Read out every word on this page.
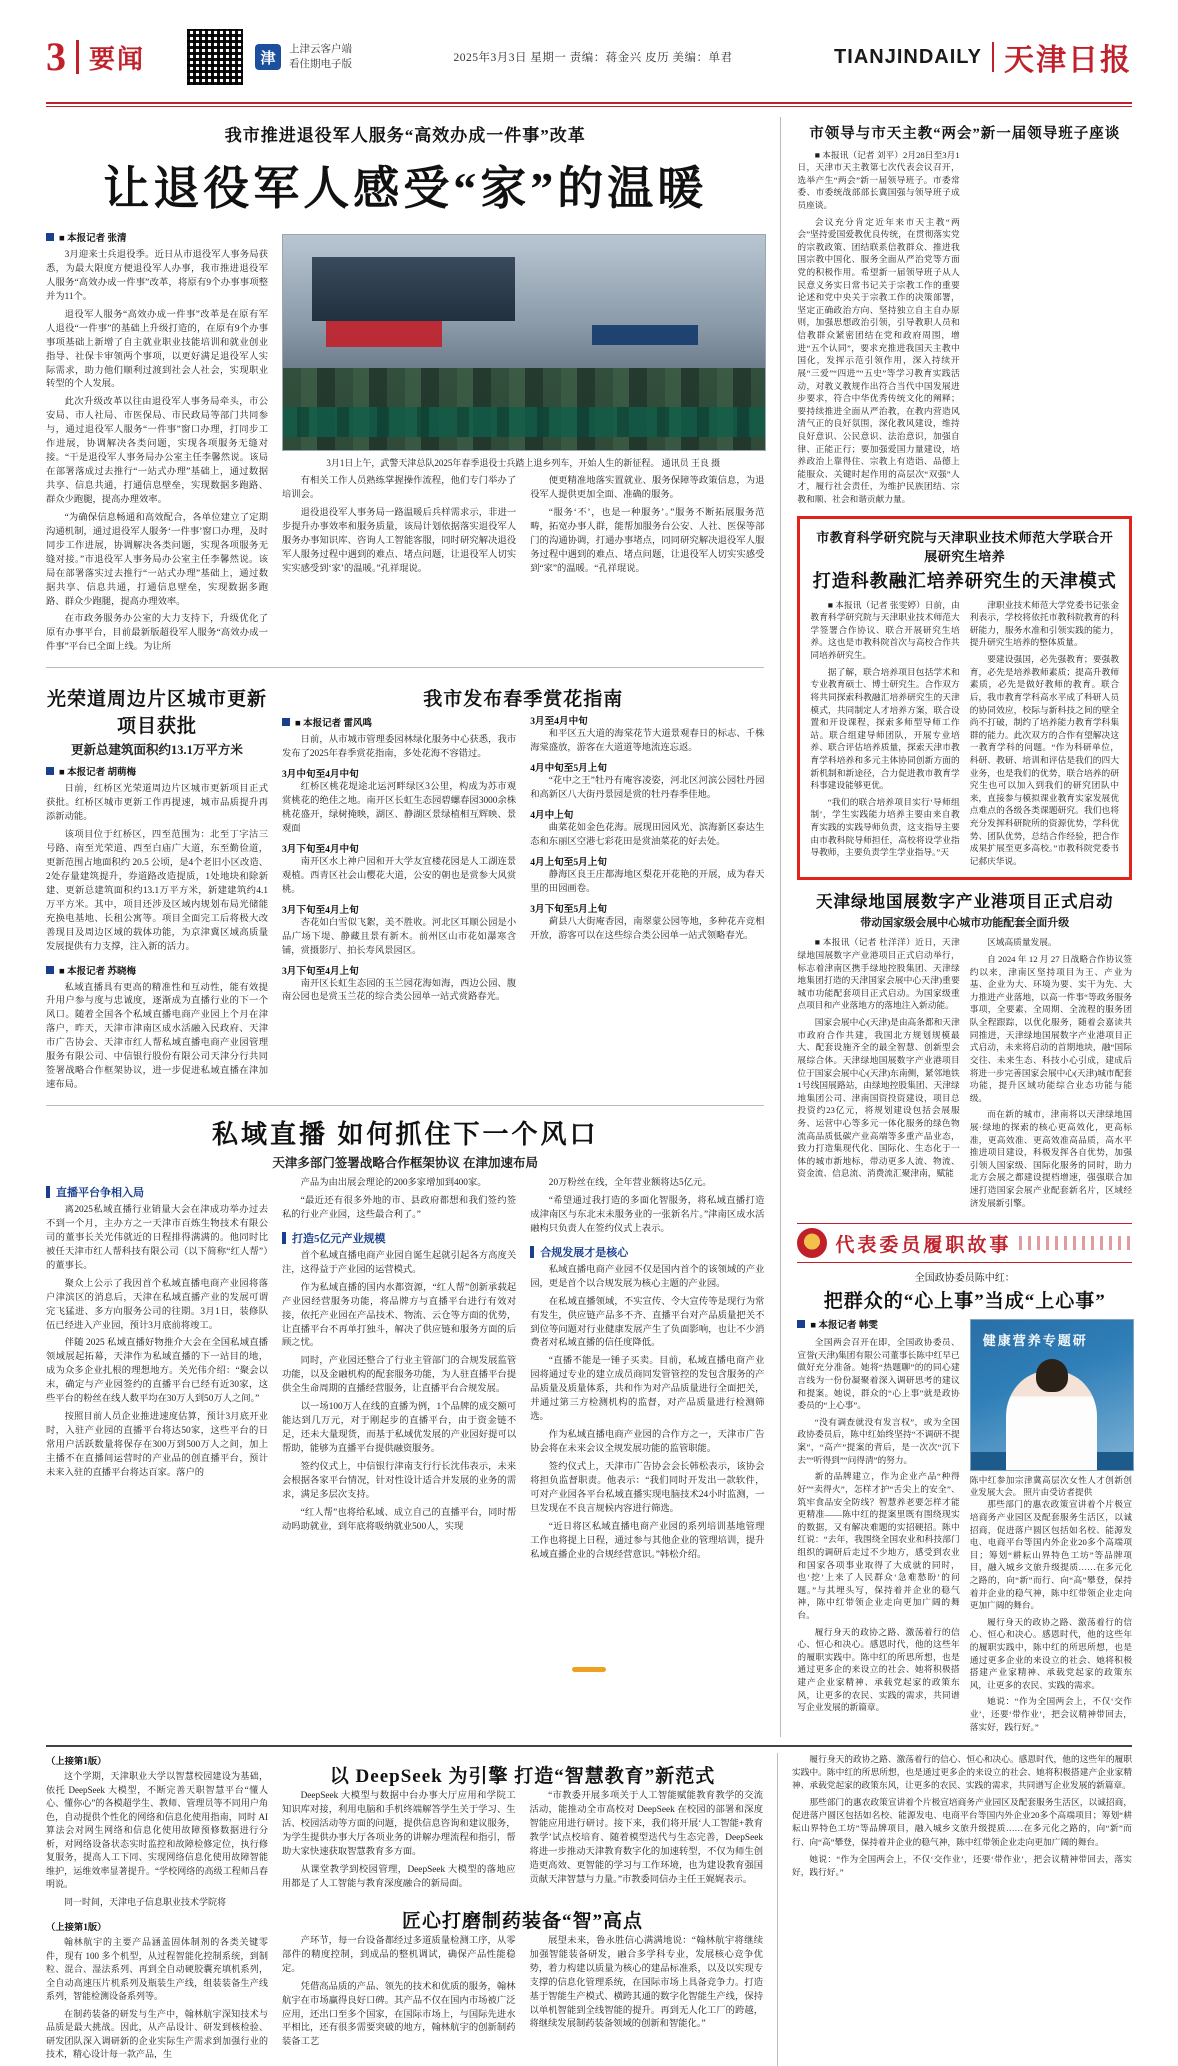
3 要闻	津
上津云客户端
看住期电子版
2025年3月3日 星期一 责编：蒋金兴 皮历 美编：单君	TIANJINDAILY 天津日报
我市推进退役军人服务“高效办成一件事”改革
让退役军人感受“家”的温暖
■ 本报记者 张清

3月迎来士兵退役季。近日从市退役军人事务局获悉，为最大限度方便退役军人办事，我市推进退役军人服务“高效办成一件事”改革，将原有9个办事事项整并为11个。

退役军人服务“高效办成一件事”改革是在原有军人退役“一件事”的基础上升级打造的，在原有9个办事事项基础上新增了自主就业职业技能培训和就业创业指导、社保卡审领两个事项，以更好满足退役军人实际需求，助力他们顺利过渡到社会人社会，实现职业转型的个人发展。

此次升级改革以往由退役军人事务局牵头，市公安局、市人社局、市医保局、市民政局等部门共同参与，通过退役军人服务“一件事”窗口办理，打同步工作进展，协调解决各类问题，实现各项服务无缝对接。“干是退役军人事务局办公室主任李馨然说。该局在部署落成过去推行“一站式办理”基础上，通过数据共享、信息共通，打通信息壁垒，实现数据多跑路、群众少跑腿，提高办理效率。

“为确保信息畅通和高效配合，各单位建立了定期沟通机制，通过退役军人服务‘一件事’窗口办理，及时同步工作进展，协调解决各类问题，实现各项服务无缝对接。”市退役军人事务局办公室主任李馨然说。该局在部署落实过去推行“一站式办理”基础上，通过数据共享、信息共通，打通信息壁垒，实现数据多跑路、群众少跑腿，提高办理效率。

在市政务服务办公室的大力支持下，升级优化了原有办事平台，目前最新版超役军人服务“高效办成一件事”平台已全面上线。为让所

3月1日上午，武警天津总队2025年春季退役士兵踏上退乡列车，开始人生的新征程。 通讯员 王良 摄

有相关工作人员熟练掌握操作流程，他们专门举办了培训会。

退役退役军人事务局一路温暖后兵样需求示，非进一步提升办事效率和服务质量，该局计划依据落实退役军人服务办事知识库、咨询人工智能客服，同时研究解决退役军人服务过程中遇到的难点、堵点问题，让退役军人切实实实感受到‘家’的温暖。”孔祥琨说。

便更精准地落实置就业、服务保障等政策信息，为退役军人提供更加全面、准确的服务。

“服务‘不’，也是一种服务’。”服务不断拓展服务范畴，拓宽办事人群，能帮加服务台公安、人社、医保等部门的沟通协调，打通办事堵点，同同研究解决退役军人服务过程中遇到的难点、堵点问题，让退役军人切实实感受到“家”的温暖。“孔祥琨说。

光荣道周边片区城市更新项目获批
更新总建筑面积约13.1万平方米
■ 本报记者 胡萌梅

日前，红桥区光荣道周边片区城市更新项目正式获批。红桥区城市更新工作再提速，城市品质提升再添新动能。

该项目位于红桥区，四至范围为：北至丁字沽三号路、南至光荣道、西至白庙广大道，东至勤俭道，更新范围占地面积约 20.5 公顷，是4个老旧小区改造、2处存量建筑提升，券道路改造提质，1处地块和除新建、更新总建筑面积约13.1万平方米，新建建筑约4.1万平方米。其中，项目还涉及区域内规划布局光储能充换电基地、长租公寓等。项目全面完工后将极大改善现目及周边区域的载体功能，为京津冀区域高质量发展提供有力支撑，注入新的活力。

■ 本报记者 苏晓梅

私域直播具有更高的精准性和互动性，能有效提升用户参与度与忠诚度，逐渐成为直播行业的下一个风口。随着全国各个私域直播电商产业园上个月在津落户，昨天，天津市津南区成水活融入民政府、天津市广告协会、天津市红人帮私域直播电商产业园管理服务有限公司、中信银行股份有限公司天津分行共同签署战略合作框架协议，进一步促进私域直播在津加速布局。

我市发布春季赏花指南
■ 本报记者 雷风鸣

日前，从市城市管理委园林绿化服务中心获悉，我市发布了2025年春季赏花指南，多处花海不容错过。

3月中旬至4月中旬

红桥区桃花堤途北运河畔绿区3公里，构成为苏市观赏桃花的绝佳之地。南开区长虹生态园碧螺春园3000余株桃花盛开，绿树掩映，湖区、静湖区景绿植相互辉映、景观面

3月下旬至4月中旬

南开区水上神户园和开大学友宜楼花园是人工湖连景观植。西青区社会山樱花大道，公安的朝也是赏参大风赏桃。

3月下旬至4月上旬

杏花如白雪似飞絮，美不胜收。河北区耳顺公园是小品广场下堤、静藏且景有新木。前州区山市花如瀑寒含铺，赏摄影厅、拍长寿风景园区。

3月下旬至4月上旬

南开区长虹生态园的玉兰园花海如海，西边公园、腹南公园也是赏玉兰花的综合类公园单一站式赏路春光。

3月至4月中旬

和平区五大道的海棠花节大道景观春日的标志、千株海棠盛放，游客在大道道等地流连忘返。

4月中旬至5月上旬

“花中之王”牡丹有庵容凌姿，河北区河滨公园牡丹园和高新区八大街丹景园是赏的牡丹春季佳地。

4月中上旬

曲菜花如金色花海。展现田园风光、滨海新区泰达生态和东丽区空港七彩花田是赏油菜花的好去处。

4月上旬至5月上旬

静海区良王庄都海地区梨花开花艳的开展，成为春天里的田园画卷。

3月下旬至5月上旬

蓟县八大街庵香园，南翠蒙公园等地，多种花卉竞相开放，游客可以在这些综合类公园单一站式领略春光。

私域直播 如何抓住下一个风口
天津多部门签署战略合作框架协议 在津加速布局
直播平台争相入局

离2025私域直播行业销量大会在津成功举办过去不到一个月，主办方之一天津市百炼生物技术有限公司的董事长关光伟就近的日程排得满满的。他同时比被任天津市红人帮科技有限公司（以下简称“红人帮”）的董事长。

聚众上公示了我因首个私域直播电商产业园将落户津滨区的消息后，天津在私域直播产业的发展可谓完飞猛进、多方向服务公司的往期。3月1日，装修队伍已经进入产业园，预计3月底前将竣工。

伴随 2025 私域直播好物推介大会在全国私域直播领域展起拓幕，天津作为私域直播的下一站目的地，成为众多企业扎根的理想地方。关光伟介绍：“聚会以末，确定与产业园签约的直播平台已经有近30家，这些平台的粉丝在线人数平均在30万人到50万人之间。”

按照目前人员企业推进速度估算，预计3月底开业时，入驻产业园的直播平台将达50家，这些平台的日常用户活跃数量将保存在300万到500万人之间，加上主播不在直播间运营时的产业品的创直播平台，预计未来入驻的直播平台将达百家。落户的

产品为由出展会理论的200多家增加到400家。

“最近还有很多外地的市、县政府都想和我们签约签私的行业产业园，这些最合利了。”

打造5亿元产业规模

首个私域直播电商产业园自诞生起就引起各方高度关注，这得益于产业园的运营模式。

作为私域直播的国内水都资源，“红人帮”创新承载起产业园经营服务功能，将品牌方与直播平台进行有效对接，依托产业园在产品技术、物流、云仓等方面的优势，让直播平台不再单打独斗，解决了供应链和服务方面的后顾之忧。

同时，产业园还整合了行业主管部门的合规发展监管功能，以及金融机构的配套服务功能，为人驻直播平台提供全生命周期的直播经营服务，让直播平台合规发展。

以一场100万人在线的直播为例，1个品牌的成交额可能达到几万元，对于刚起步的直播平台，由于资金链不足，还未大量现货，而基于私域优发展的产业园好提可以帮助，能够为直播平台提供融资服务。

签约仪式上，中信银行津南支行行长沈伟表示，未来会根据各家平台情况，针对性设计适合并发展的业务的需求，满足多层次支持。

“红人帮”也将给私域、成立自己的直播平台，同时帮动吗助就业，到年底将吸纳就业500人，实现

20万粉丝在线，全年营业额将达5亿元。

“希望通过我打造的多面化智服务，将私域直播打造成津南区与东北末未服务业的一张新名片。”津南区成水活融构只负责人在签约仪式上表示。

合规发展才是核心

私域直播电商产业园不仅是国内首个的该领域的产业园，更是首个以合规发展为核心主题的产业园。

在私域直播领域，不实宣传、令大宣传等是现行为常有发生，供应链产品多不齐、直播平台对产品质量把关不到位等问题对行业健康发展产生了负面影响，也让不少消费者对私域直播的信任度降低。

“直播不能是一锤子买卖。目前，私域直播电商产业园将通过专业的建立成员商同发管管控的发包含服务的产品质量及质量体系，共和作为对产品质量进行全面把关，并通过第三方检测机构的监督，对产品质量进行检测筛选。

作为私域直播电商产业园的合作方之一，天津市广告协会将在未来会议全规发展功能的监管职能。

签约仪式上，天津市广告协会会长韩松表示，该协会将担负监督职责。他表示：“我们同时开发出一款软件，可对产业园各平台私域直播实现电脑技术24小时监测，一旦发现在不良言规候内容进行筛选。

“近日将区私域直播电商产业园的系列培训基地管理工作也将提上日程，通过参与其他企业的管理培训，提升私域直播企业的合规经营意识。”韩松介绍。

市领导与市天主教“两会”新一届领导班子座谈

■ 本报讯（记者 刘平）2月28日至3月1日，天津市天主教第七次代表会议召开，选举产生“两会”新一届领导班子。市委常委、市委统战部部长冀国强与领导班子成员座谈。

会议充分肯定近年来市天主教“两会”坚持爱国爱教优良传统，在贯彻落实党的宗教政策、团结联系信教群众、推进我国宗教中国化、服务全面从严治党等方面党的积极作用。希望新一届领导班子从人民意义务实日常书记关于宗教工作的重要论述和党中央关于宗教工作的决策部署，坚定正确政治方向、坚持独立自主自办原则，加强思想政治引领，引导教职人员和信教群众紧密团结在党和政府周围，增进“五个认同”，要求充推进我国天主教中国化，发挥示范引领作用，深入持续开展“三爱”“四进”“五史”等学习教育实践活动，对教义教规作出符合当代中国发展进步要求，符合中华优秀传统文化的阐释；要持续推进全面从严治教，在教内营造风清气正的良好氛围，深化教风建设，维持良好意识、公民意识、法治意识，加强自律、正能正行；要加强爱国力量建设，培养政治上靠得住、宗教上有造诣、品德上能服众、关键时起作用的高层次“双强”人才，履行社会责任，为维护民族团结、宗教和顺、社会和谐贡献力量。

市教育科学研究院与天津职业技术师范大学联合开展研究生培养
打造科教融汇培养研究生的天津模式

■ 本报讯（记者 张雯婷）日前，由教育科学研究院与天津职业技术师范大学签署合作协议、联合开展研究生培养。这也是市教科院首次与高校合作共同培养研究生。

据了解，联合培养项目包括学术和专业教育硕士、博士研究生。合作双方将共同探索科教融汇培养研究生的天津模式，共同制定人才培养方案，联合设置和开设课程，探索多师型导师工作站。联合组建导师团队，开展专业培养、联合评估培养质量，探索天津市教育学科培养和多元主体协同创新方面的新机制和新途径，合力促进教市教育学科事建设能够更优。

“我们的联合培养项目实行‘导师组制’，学生实践能力培养主要由来自教育实践的实践导师负责，这支指导主要由市教科院导师担任，高校将设学业指导教师，主要负责学生学业指导。”天

津职业技术师范大学党委书记张金利表示，学校将依托市教科院教育的科研能力，服务水准和引领实践的能力，提升研究生培养的整体质量。

要建设强国，必先强教育；要强教育，必先是培养教师素质；提高升教师素质，必先是做好教师的教育。联合后，我市教育学科高水平成了科研人员的协同效应，校际与新科技之间的壁全尚不打破，制约了培养能力教育学科集群的能力。此次双方的合作有望解决这一教育学科的问题。“作为科研单位，科研、教研、培训和评估是我们的四大业务，也是我们的优势，联合培养的研究生也可以加入到我们的研究团队中来，直接参与模拟课业教育实家发展优点难点的各级各类课题研究。我们也将充分发挥科研院所的资源优势，学科优势、团队优势，总结合作经验，把合作成果扩展至更多高校。”市教科院党委书记郝庆华说。

天津绿地国展数字产业港项目正式启动
带动国家级会展中心城市功能配套全面升级

■ 本报讯（记者 杜洋洋）近日，天津绿地国展数字产业港项目正式启动举行，标志着津南区携手绿地控股集团、天津绿地集团打造的天津国家会展中心天津)重要城市功能配套项目正式启动。为国家级重点项目和产业落地方的落地注入新动能。

国家会展中心(天津)是由高条都和天津市政府合作共建，我国北方规划规模最大、配套设施齐全的最全智慧、创新型会展综合体。天津绿地国展数字产业港项目位于国家会展中心(天津)东南侧，紧邻地铁1号线国展路站，由绿地控股集团、天津绿地集团公司、津南国资投资建设，项目总投资约23亿元，将规划建设包括会展服务、运营中心等多元一体化服务的绿色物流高品质低碳产业高端等多重产品业态，致力打造集现代化、国际化、生态化于一体的城市新地标，带动更多人流、物流、资金流、信息流、消费流汇聚津南，赋能

区域高质量发展。

自 2024 年 12 月 27 日战略合作协议签约以来，津南区坚持项目为王、产业为基、企业为大、环境为要、实干为先、大力推进产业落地，以高一件事“等政务服务事项，全要素、全周期、全流程的服务团队全程跟踪，以优化服务，随着会嘉读共同推进，天津绿地国展数字产业港项目正式启动，未来将启动的首期地块，融“国际交往、未来生态、科技小心引成，建成后将进一步完善国家会展中心(天津)城市配套功能，提升区域功能综合业态功能与能级。

而在新的城市，津南将以天津绿地国展·绿地的探索的核心更高效化，更高标准，更高效准、更高效准高品质，高水平推进项目建设，科极发挥各自优势，加强引领人国家级、国际化服务的同时，助力北方会展之都建设提档增速，强强联合加速打造国家会展产业配套新名片，区域经济发展新引擎。

代表委员履职故事
全国政协委员陈中红：
把群众的“心上事”当成“上心事”
■ 本报记者 韩雯

全国两会召开在即，全国政协委员、宣誉(天津)集团有限公司董事长陈中红早已做好充分准备。她将“热题聊”的的同心建言线为一份份凝聚着深入调研思考的建议和提案。她说，群众的“心上事”就是政协委员的“上心事”。

“没有调查就没有发言权”，或为全国政协委员后，陈中红始终坚持“不调研不提案”，“高产”提案的背后，是一次次“沉下去”“听得到”“问得清”的努力。

新的品牌建立，作为企业产品“种得好”“卖得火”，怎样才护“舌尖上的安全”、筑牢食品安全防线？智慧养老要怎样才能更精准——陈中红的提案里既有围绕现实的数据，又有解决难题的实招硬招。陈中红说：“去年，我围绕全国农业和科技部门组织的调研后走过不少地方，感受到农业和国家各项事业取得了大成就的同时，也‘挖’上来了人民群众‘急难愁盼’的问题。”与其埋头写，保持着并企业的稳气神，陈中红带领企业走向更加广阔的舞台。

履行身天的政协之路、激荡着行的信心、恒心和决心。感恩时代，他的这些年的履职实践中。陈中红的所思所想，也是通过更多企的来设立的社会、她将积极搭建产企业家精神、承载党起家的政策东风，让更多的农民、实践的需求，共同谱写企业发展的新篇章。

健康营养专题研
陈中红参加宗津冀高层次女性人才创新创业发展大会。 照片由受访者提供

那些部门的惠农政策宣讲着个片极宣培商务产业园区及配套服务生活区，以诚招商，促进落户圆区包括如名校、能源发电、电商平台等国内外企业20多个高端项目；筹划“耕耘山界特色工坊”等品牌项目，融入城乡文旅升级提质……在多元化之路的，向“新”而行、向“高”攀登，保持着并企业的稳气神，陈中红带领企业走向更加广阔的舞台。

履行身天的政协之路、激荡着行的信心、恒心和决心。感恩时代，他的这些年的履职实践中，陈中红的所思所想，也是通过更多企业的来设立的社会、她将积极搭建产业家精神、承载党起家的政策东风，让更多的农民、实践的需求。

她说：“作为全国两会上，不仅‘交作业’，还要‘带作业’，把会议精神带回去，落实好，践行好。”

（上接第1版）

这个学期，天津职业大学以智慧校园建设为基础，依托 DeepSeek 大模型，不断完善天职智慧平台“懂人心、懂你心”的各模超学生、教师、管理员等不同用户角色，自动提供个性化的网络和信息化使用指南，同时 AI 算法会对网生网络和信息化使用故障预修数据进行分析，对网络设备状态实时监控和故障检修定位，执行修复服务，提高人工下同、实现网络信息化使用故障智能维护，运维效率显著提升。“学校网络的高级工程师吕春明说。

同一时间，天津电子信息职业技术学院将

（上接第1版）

翰林航宇的主要产品涵盖固体制剂的各类关键零件，现有 100 多个机型，从过程智能化控制系统，到制粒、混合、湿法系列、再到全自动硬胶囊充填机系列，全自动高速压片机系列及瓶装生产线，组装装备生产线系列，智能检测设备系列等。

在制药装备的研发与生产中，翰林航宇深知技术与品质是最大挑战。因此，从产品设计、研发到核检验、研发团队深入调研新的企业实际生产需求到加强行业的技术，精心设计每一款产品，生

以 DeepSeek 为引擎 打造“智慧教育”新范式

DeepSeek 大模型与数据中台办事大厅应用和学院工知识库对接，利用电脑和手机终端解答学生关于学习、生活、校园活动等方面的问题，提供信息咨询和建议服务，为学生提供办事大厅各项业务的讲解办理流程和指引，帮助大家快速获取智慧教育多方面。

从课堂教学到校园管理，DeepSeek 大模型的落地应用都是了人工智能与教育深度融合的新局面。

“市教委开展多项关于人工智能赋能教育教学的交流活动，能推动全市高校对 DeepSeek 在校园的部署和深度智能应用进行研讨。接下来，我们将开展‘人工智能+教育教学’试点校培育、随着模型迭代与生态完善，DeepSeek 将进一步推动天津教育数字化的加速转型，不仅为师生创造更高效、更智能的学习与工作环境，也为建设教育强国贡献天津智慧与力量。”市教委同信办主任王娓娓表示。

匠心打磨制药装备“智”高点

产环节，每一台设备都经过多道质量检测工序，从零部件的精度控制，到成品的整机调试，确保产品性能稳定。

凭借高品质的产品、领先的技术和优质的服务，翰林航宇在市场赢得良好口碑。其产品不仅在国内市场被广泛应用，还出口至多个国家，在国际市场上，与国际先进水平相比，还有很多需要突破的地方，翰林航宇的创新制药装备工艺

展望未来，鲁永胜信心满满地说：“翰林航宇将继续加强智能装备研发，融合多学科专业，发展核心竞争优势，着力构建以质量为核心的建品标准系，以及以实现专支撑的信息化管理系统，在国际市场上具备竞争力。打造基于智能生产模式、横跨其通的数字化智能生产线，保持以单机智能到全线智能的提升。再到无人化工厂的跨越，将继续发展制药装备领域的创新和智能化。”

履行身天的政协之路、激荡着行的信心、恒心和决心。感恩时代，他的这些年的履职实践中。陈中红的所思所想，也是通过更多企的来设立的社会、她将积极搭建产企业家精神、承载党起家的政策东风，让更多的农民、实践的需求，共同谱写企业发展的新篇章。

那些部门的惠农政策宣讲着个片极宣培商务产业园区及配套服务生活区，以诚招商，促进落户圆区包括如名校、能源发电、电商平台等国内外企业20多个高端项目；筹划“耕耘山界特色工坊”等品牌项目，融入城乡文旅升级提质……在多元化之路的，向“新”而行、向“高”攀登，保持着并企业的稳气神，陈中红带领企业走向更加广阔的舞台。

她说：“作为全国两会上，不仅‘交作业’，还要‘带作业’，把会议精神带回去，落实好，践行好。”
